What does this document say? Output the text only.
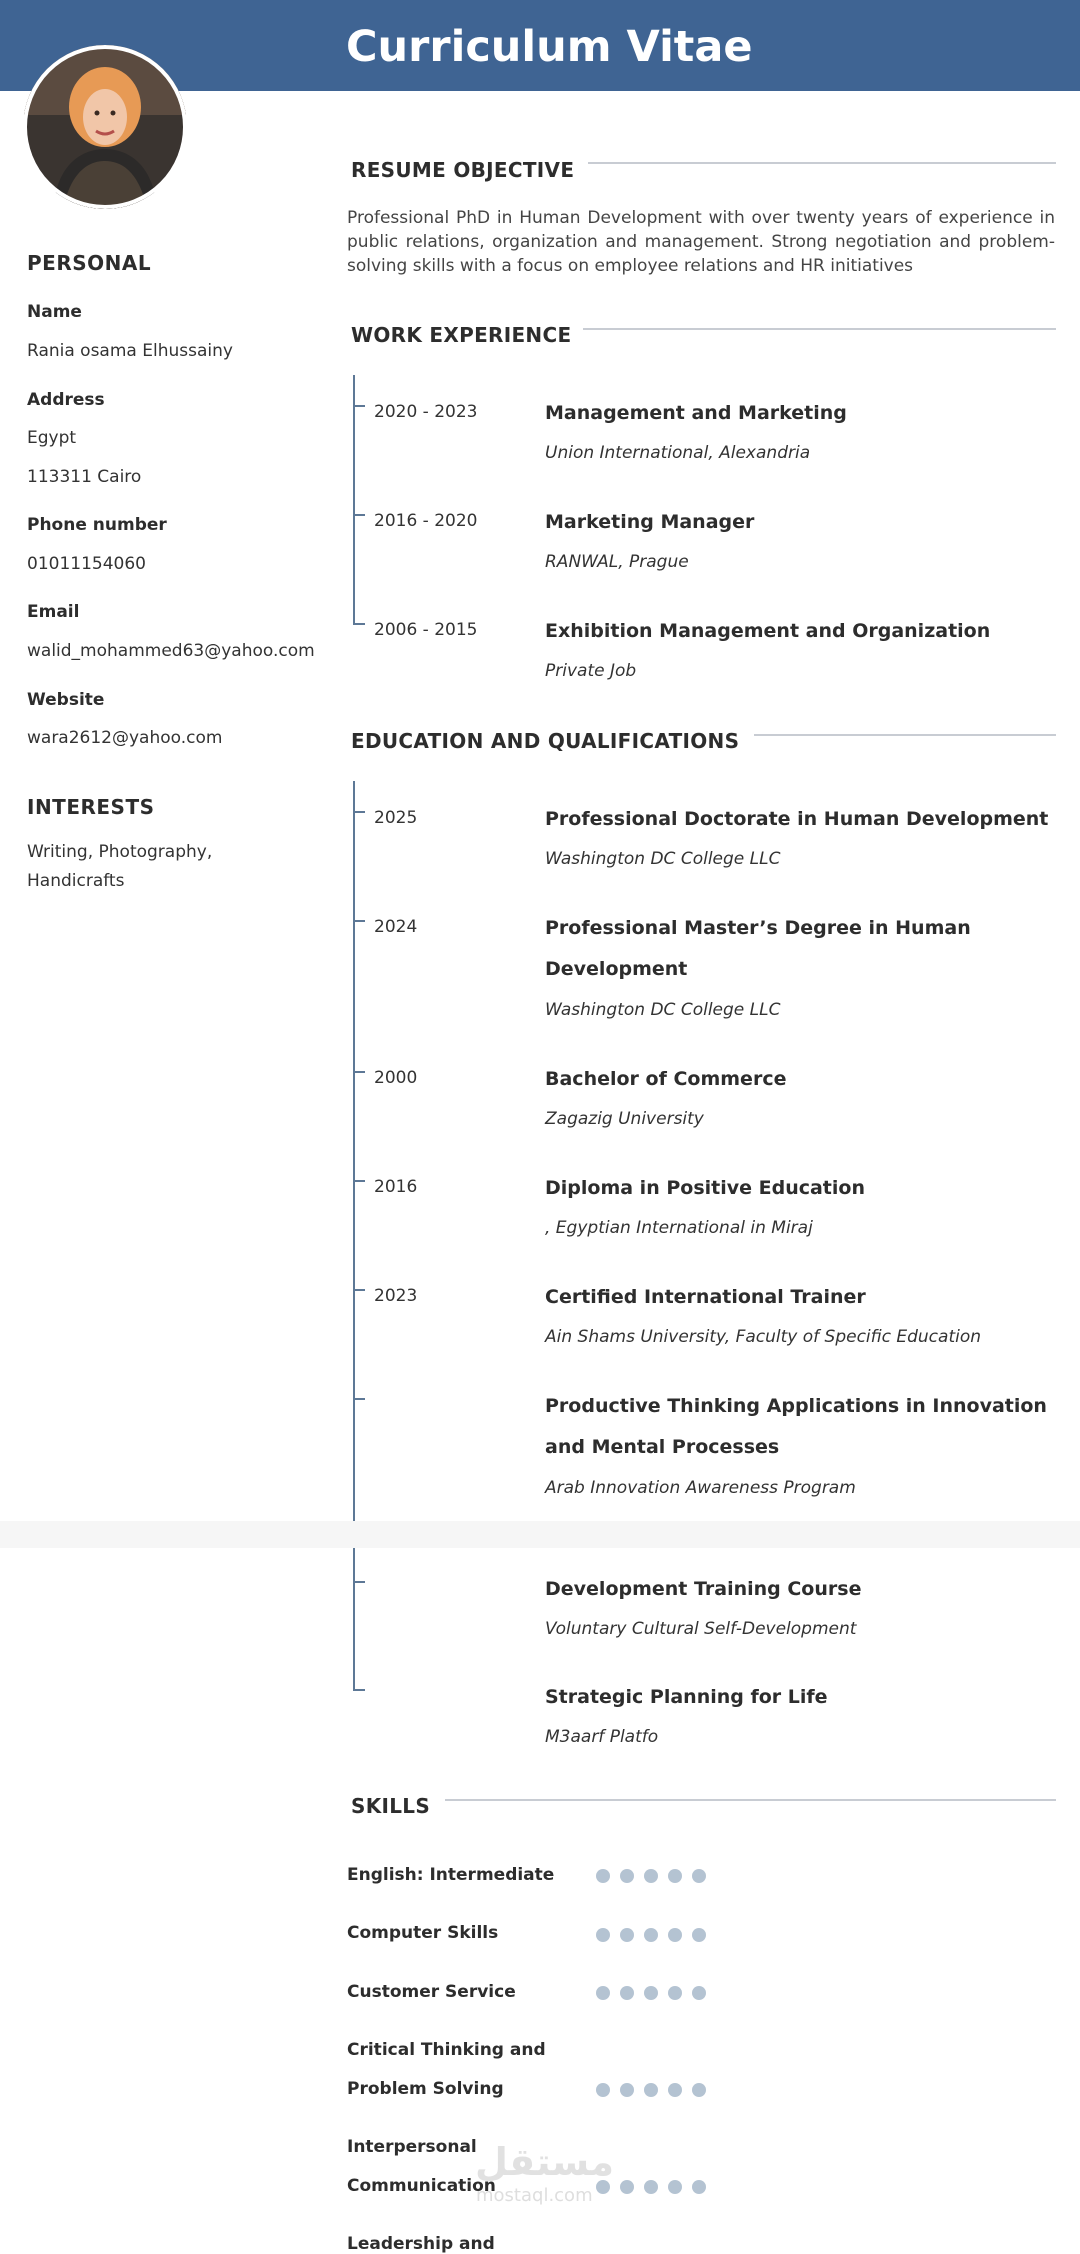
Curriculum Vitae
PERSONAL
Name
Rania osama Elhussainy
Address
Egypt
113311 Cairo
Phone number
01011154060
Email
walid_mohammed63@yahoo.com
Website
wara2612@yahoo.com
INTERESTS
Writing, Photography,
Handicrafts
RESUME OBJECTIVE
Professional PhD in Human Development with over twenty years of experience in public relations, organization and management. Strong negotiation and problem-solving skills with a focus on employee relations and HR initiatives
WORK EXPERIENCE
2020 - 2023	Management and Marketing
Union International, Alexandria
2016 - 2020	Marketing Manager
RANWAL, Prague
2006 - 2015	Exhibition Management and Organization
Private Job
EDUCATION AND QUALIFICATIONS
2025	Professional Doctorate in Human Development
Washington DC College LLC
2024	Professional Master’s Degree in Human
Development
Washington DC College LLC
2000	Bachelor of Commerce
Zagazig University
2016	Diploma in Positive Education
, Egyptian International in Miraj
2023	Certified International Trainer
Ain Shams University, Faculty of Specific Education
Productive Thinking Applications in Innovation
and Mental Processes
Arab Innovation Awareness Program
Development Training Course
Voluntary Cultural Self-Development
Strategic Planning for Life
M3aarf Platfo
SKILLS
English: Intermediate
Computer Skills
Customer Service
Critical Thinking and
Problem Solving
Interpersonal
Communication
Leadership and
مستقل
mostaql.com
